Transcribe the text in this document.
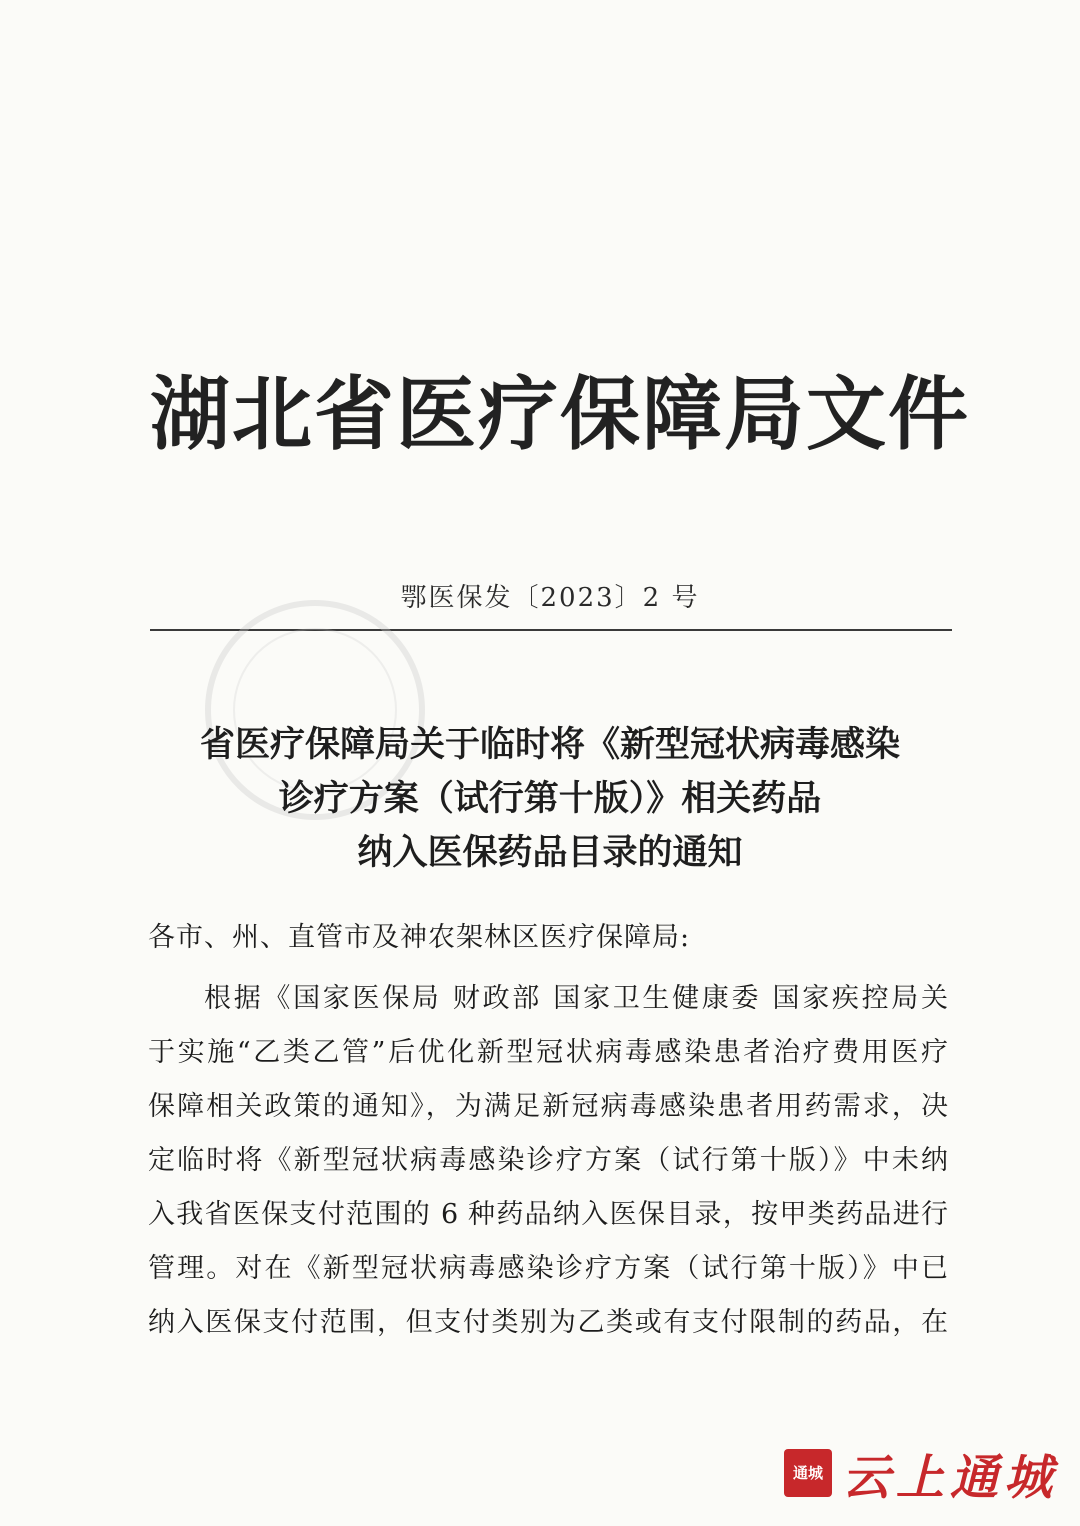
湖北省医疗保障局文件
鄂医保发〔2023〕2 号
省医疗保障局关于临时将《新型冠状病毒感染
诊疗方案（试行第十版）》相关药品
纳入医保药品目录的通知
各市、州、直管市及神农架林区医疗保障局:
根据《国家医保局 财政部 国家卫生健康委 国家疾控局关
于实施“乙类乙管”后优化新型冠状病毒感染患者治疗费用医疗
保障相关政策的通知》，为满足新冠病毒感染患者用药需求，决
定临时将《新型冠状病毒感染诊疗方案（试行第十版）》中未纳
入我省医保支付范围的 6 种药品纳入医保目录，按甲类药品进行
管理。对在《新型冠状病毒感染诊疗方案（试行第十版）》中已
纳入医保支付范围，但支付类别为乙类或有支付限制的药品，在
通城 云上通城
